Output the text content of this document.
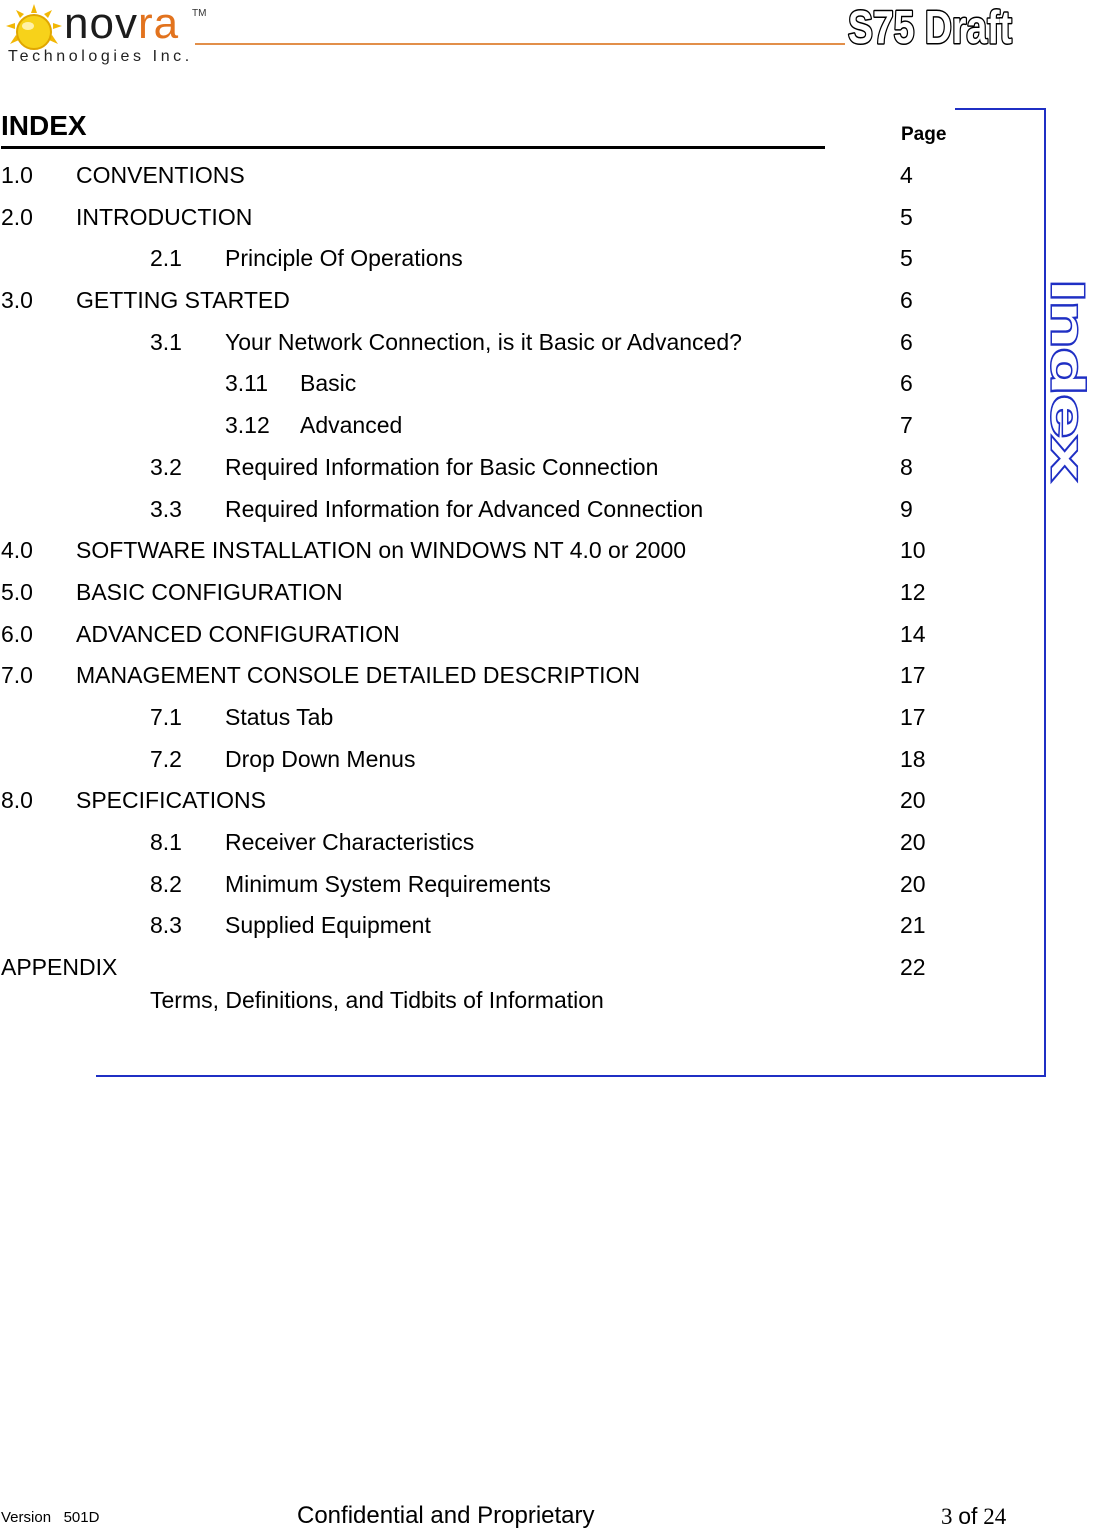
novra TM
Technologies Inc.
S75 Draft
Index
INDEX	Page
1.0 CONVENTIONS	4
2.0 INTRODUCTION	5
2.1 Principle Of Operations	5
3.0 GETTING STARTED	6
3.1 Your Network Connection, is it Basic or Advanced?	6
3.11 Basic	6
3.12 Advanced	7
3.2 Required Information for Basic Connection	8
3.3 Required Information for Advanced Connection	9
4.0 SOFTWARE INSTALLATION on WINDOWS NT 4.0 or 2000	10
5.0 BASIC CONFIGURATION	12
6.0 ADVANCED CONFIGURATION	14
7.0 MANAGEMENT CONSOLE DETAILED DESCRIPTION	17
7.1 Status Tab	17
7.2 Drop Down Menus	18
8.0 SPECIFICATIONS	20
8.1 Receiver Characteristics	20
8.2 Minimum System Requirements	20
8.3 Supplied Equipment	21
APPENDIX	22
Terms, Definitions, and Tidbits of Information
Version 501D	Confidential and Proprietary	3 of 24
